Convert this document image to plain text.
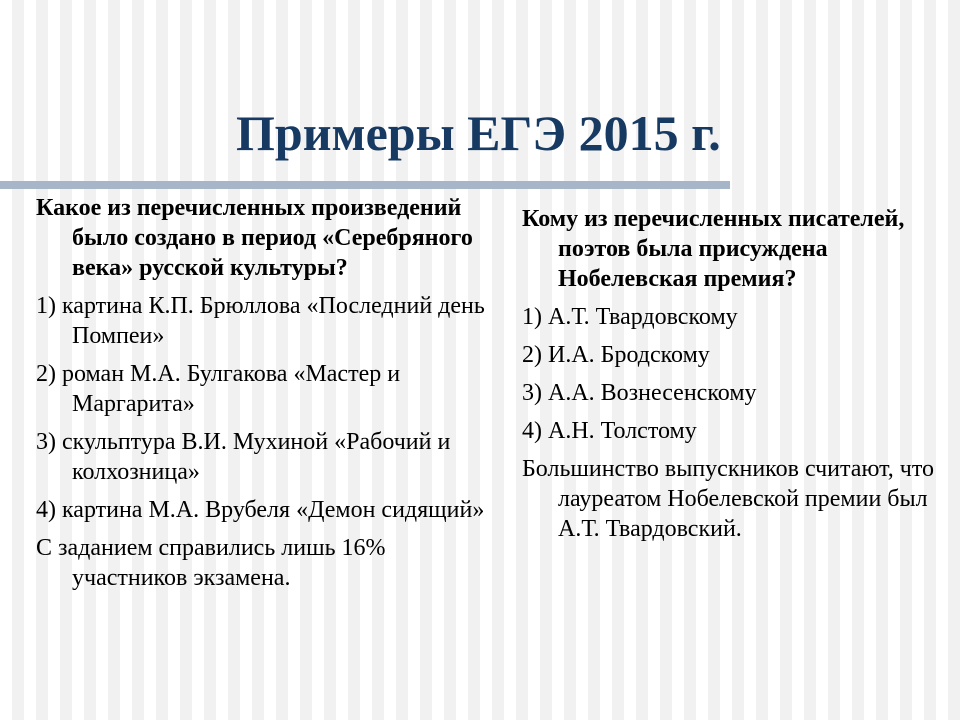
Примеры ЕГЭ 2015 г.

Какое из перечисленных произведений было создано в период «Серебряного века» русской культуры?

1) картина К.П. Брюллова «Последний день Помпеи»

2) роман М.А. Булгакова «Мастер и Маргарита»

3) скульптура В.И. Мухиной «Рабочий и колхозница»

4) картина М.А. Врубеля «Демон сидящий»

С заданием справились лишь 16% участников экзамена.

Кому из перечисленных писателей, поэтов была присуждена Нобелевская премия?

1) А.Т. Твардовскому

2) И.А. Бродскому

3) А.А. Вознесенскому

4) А.Н. Толстому

Большинство выпускников считают, что лауреатом Нобелевской премии был А.Т. Твардовский.
